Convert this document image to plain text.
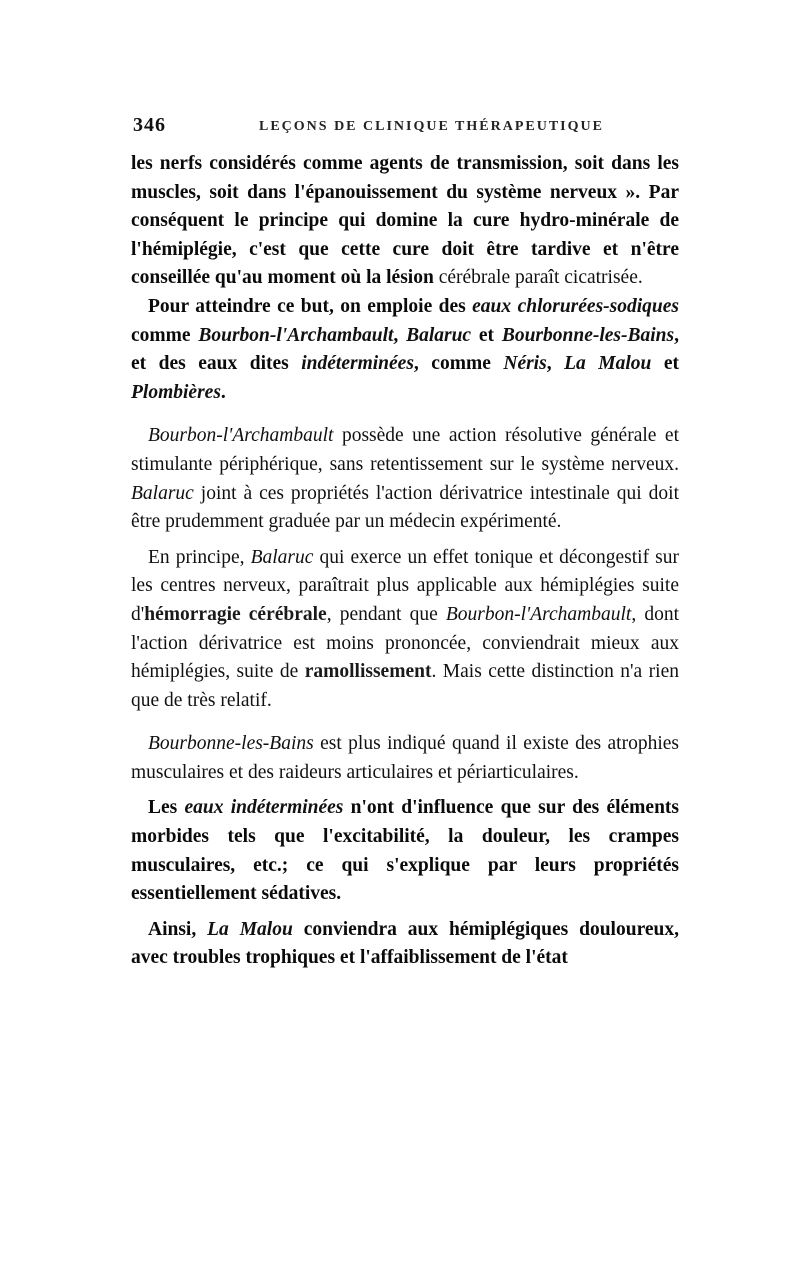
346	LEÇONS DE CLINIQUE THÉRAPEUTIQUE

les nerfs considérés comme agents de transmission, soit dans les muscles, soit dans l'épanouissement du système nerveux ». Par conséquent le principe qui domine la cure hydro-minérale de l'hémiplégie, c'est que cette cure doit être tardive et n'être conseillée qu'au moment où la lésion cérébrale paraît cicatrisée.

Pour atteindre ce but, on emploie des eaux chlorurées-sodiques comme Bourbon-l'Archambault, Balaruc et Bourbonne-les-Bains, et des eaux dites indéterminées, comme Néris, La Malou et Plombières.

Bourbon-l'Archambault possède une action résolutive générale et stimulante périphérique, sans retentissement sur le système nerveux. Balaruc joint à ces propriétés l'action dérivatrice intestinale qui doit être prudemment graduée par un médecin expérimenté.

En principe, Balaruc qui exerce un effet tonique et décongestif sur les centres nerveux, paraîtrait plus applicable aux hémiplégies suite d'hémorragie cérébrale, pendant que Bourbon-l'Archambault, dont l'action dérivatrice est moins prononcée, conviendrait mieux aux hémiplégies, suite de ramollissement. Mais cette distinction n'a rien que de très relatif.

Bourbonne-les-Bains est plus indiqué quand il existe des atrophies musculaires et des raideurs articulaires et périarticulaires.

Les eaux indéterminées n'ont d'influence que sur des éléments morbides tels que l'excitabilité, la douleur, les crampes musculaires, etc.; ce qui s'explique par leurs propriétés essentiellement sédatives.

Ainsi, La Malou conviendra aux hémiplégiques douloureux, avec troubles trophiques et l'affaiblissement de l'état
